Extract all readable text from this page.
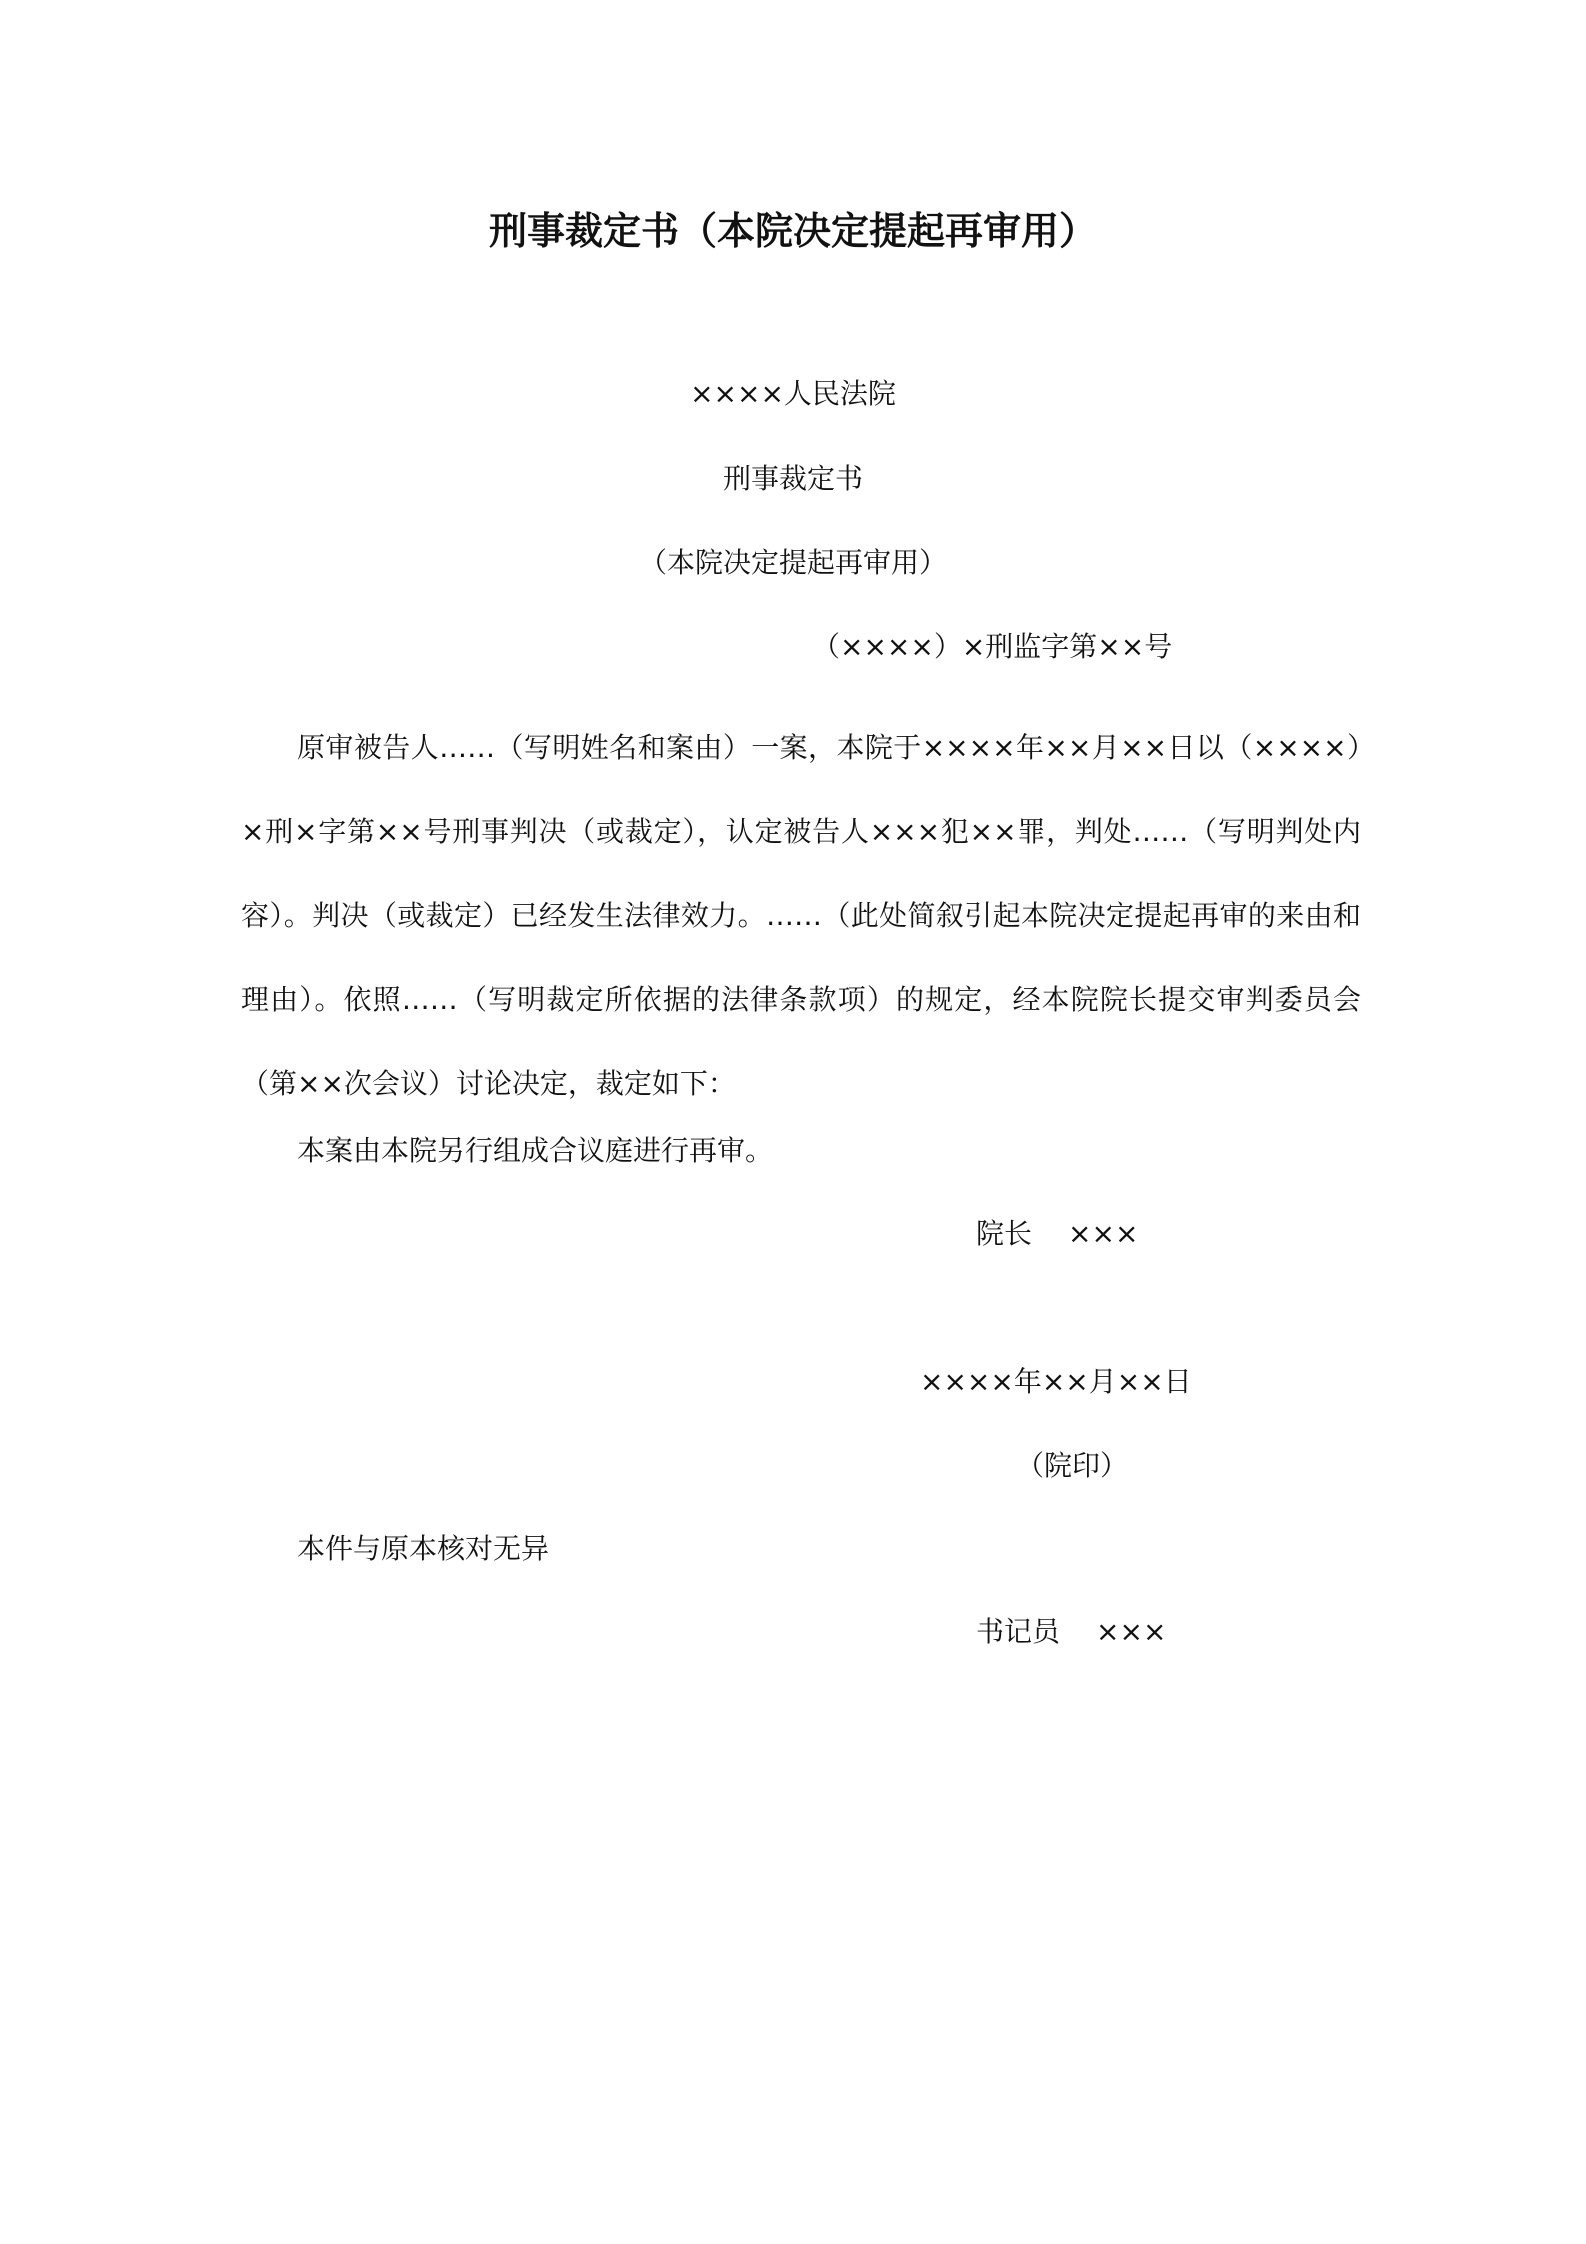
刑事裁定书（本院决定提起再审用）
××××人民法院
刑事裁定书
（本院决定提起再审用）
（××××）×刑监字第××号
原审被告人……（写明姓名和案由）一案，本院于××××年××月××日以（××××）×刑×字第××号刑事判决（或裁定），认定被告人×××犯××罪，判处……（写明判处内容）。判决（或裁定）已经发生法律效力。……（此处简叙引起本院决定提起再审的来由和理由）。依照……（写明裁定所依据的法律条款项）的规定，经本院院长提交审判委员会（第××次会议）讨论决定，裁定如下：
本案由本院另行组成合议庭进行再审。
院长 ×××
××××年××月××日
（院印）
本件与原本核对无异
书记员 ×××
